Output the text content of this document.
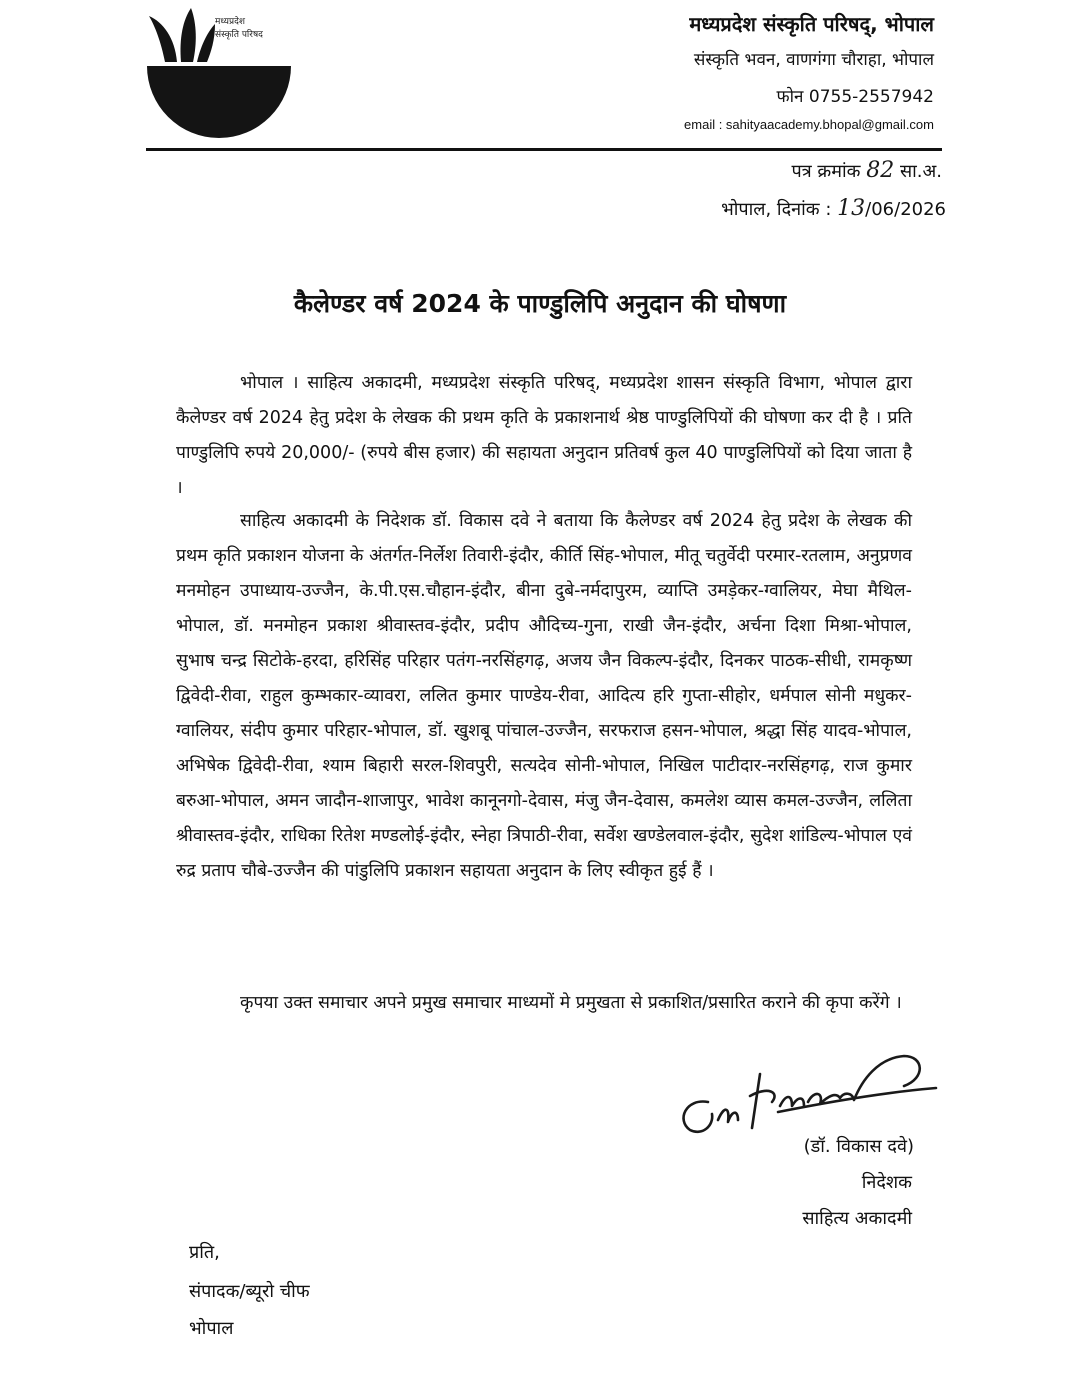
मध्यप्रदेश
संस्कृति परिषद	मध्यप्रदेश संस्कृति परिषद्, भोपाल
संस्कृति भवन, वाणगंगा चौराहा, भोपाल
फोन 0755-2557942
email : sahityaacademy.bhopal@gmail.com
पत्र क्रमांक 82 सा.अ.
भोपाल, दिनांक : 13/06/2026
कैलेण्डर वर्ष 2024 के पाण्डुलिपि अनुदान की घोषणा
भोपाल । साहित्य अकादमी, मध्यप्रदेश संस्कृति परिषद्, मध्यप्रदेश शासन संस्कृति विभाग, भोपाल द्वारा कैलेण्डर वर्ष 2024 हेतु प्रदेश के लेखक की प्रथम कृति के प्रकाशनार्थ श्रेष्ठ पाण्डुलिपियों की घोषणा कर दी है । प्रति पाण्डुलिपि रुपये 20,000/- (रुपये बीस हजार) की सहायता अनुदान प्रतिवर्ष कुल 40 पाण्डुलिपियों को दिया जाता है ।
साहित्य अकादमी के निदेशक डॉ. विकास दवे ने बताया कि कैलेण्डर वर्ष 2024 हेतु प्रदेश के लेखक की प्रथम कृति प्रकाशन योजना के अंतर्गत-निर्लेश तिवारी-इंदौर, कीर्ति सिंह-भोपाल, मीतू चतुर्वेदी परमार-रतलाम, अनुप्रणव मनमोहन उपाध्याय-उज्जैन, के.पी.एस.चौहान-इंदौर, बीना दुबे-नर्मदापुरम, व्याप्ति उमड़ेकर-ग्वालियर, मेघा मैथिल-भोपाल, डॉ. मनमोहन प्रकाश श्रीवास्तव-इंदौर, प्रदीप औदिच्य-गुना, राखी जैन-इंदौर, अर्चना दिशा मिश्रा-भोपाल, सुभाष चन्द्र सिटोके-हरदा, हरिसिंह परिहार पतंग-नरसिंहगढ़, अजय जैन विकल्प-इंदौर, दिनकर पाठक-सीधी, रामकृष्ण द्विवेदी-रीवा, राहुल कुम्भकार-व्यावरा, ललित कुमार पाण्डेय-रीवा, आदित्य हरि गुप्ता-सीहोर, धर्मपाल सोनी मधुकर-ग्वालियर, संदीप कुमार परिहार-भोपाल, डॉ. खुशबू पांचाल-उज्जैन, सरफराज हसन-भोपाल, श्रद्धा सिंह यादव-भोपाल, अभिषेक द्विवेदी-रीवा, श्याम बिहारी सरल-शिवपुरी, सत्यदेव सोनी-भोपाल, निखिल पाटीदार-नरसिंहगढ़, राज कुमार बरुआ-भोपाल, अमन जादौन-शाजापुर, भावेश कानूनगो-देवास, मंजु जैन-देवास, कमलेश व्यास कमल-उज्जैन, ललिता श्रीवास्तव-इंदौर, राधिका रितेश मण्डलोई-इंदौर, स्नेहा त्रिपाठी-रीवा, सर्वेश खण्डेलवाल-इंदौर, सुदेश शांडिल्य-भोपाल एवं रुद्र प्रताप चौबे-उज्जैन की पांडुलिपि प्रकाशन सहायता अनुदान के लिए स्वीकृत हुई हैं ।
कृपया उक्त समाचार अपने प्रमुख समाचार माध्यमों मे प्रमुखता से प्रकाशित/प्रसारित कराने की कृपा करेंगे ।
(डॉ. विकास दवे)
निदेशक
साहित्य अकादमी
प्रति,
संपादक/ब्यूरो चीफ
भोपाल
